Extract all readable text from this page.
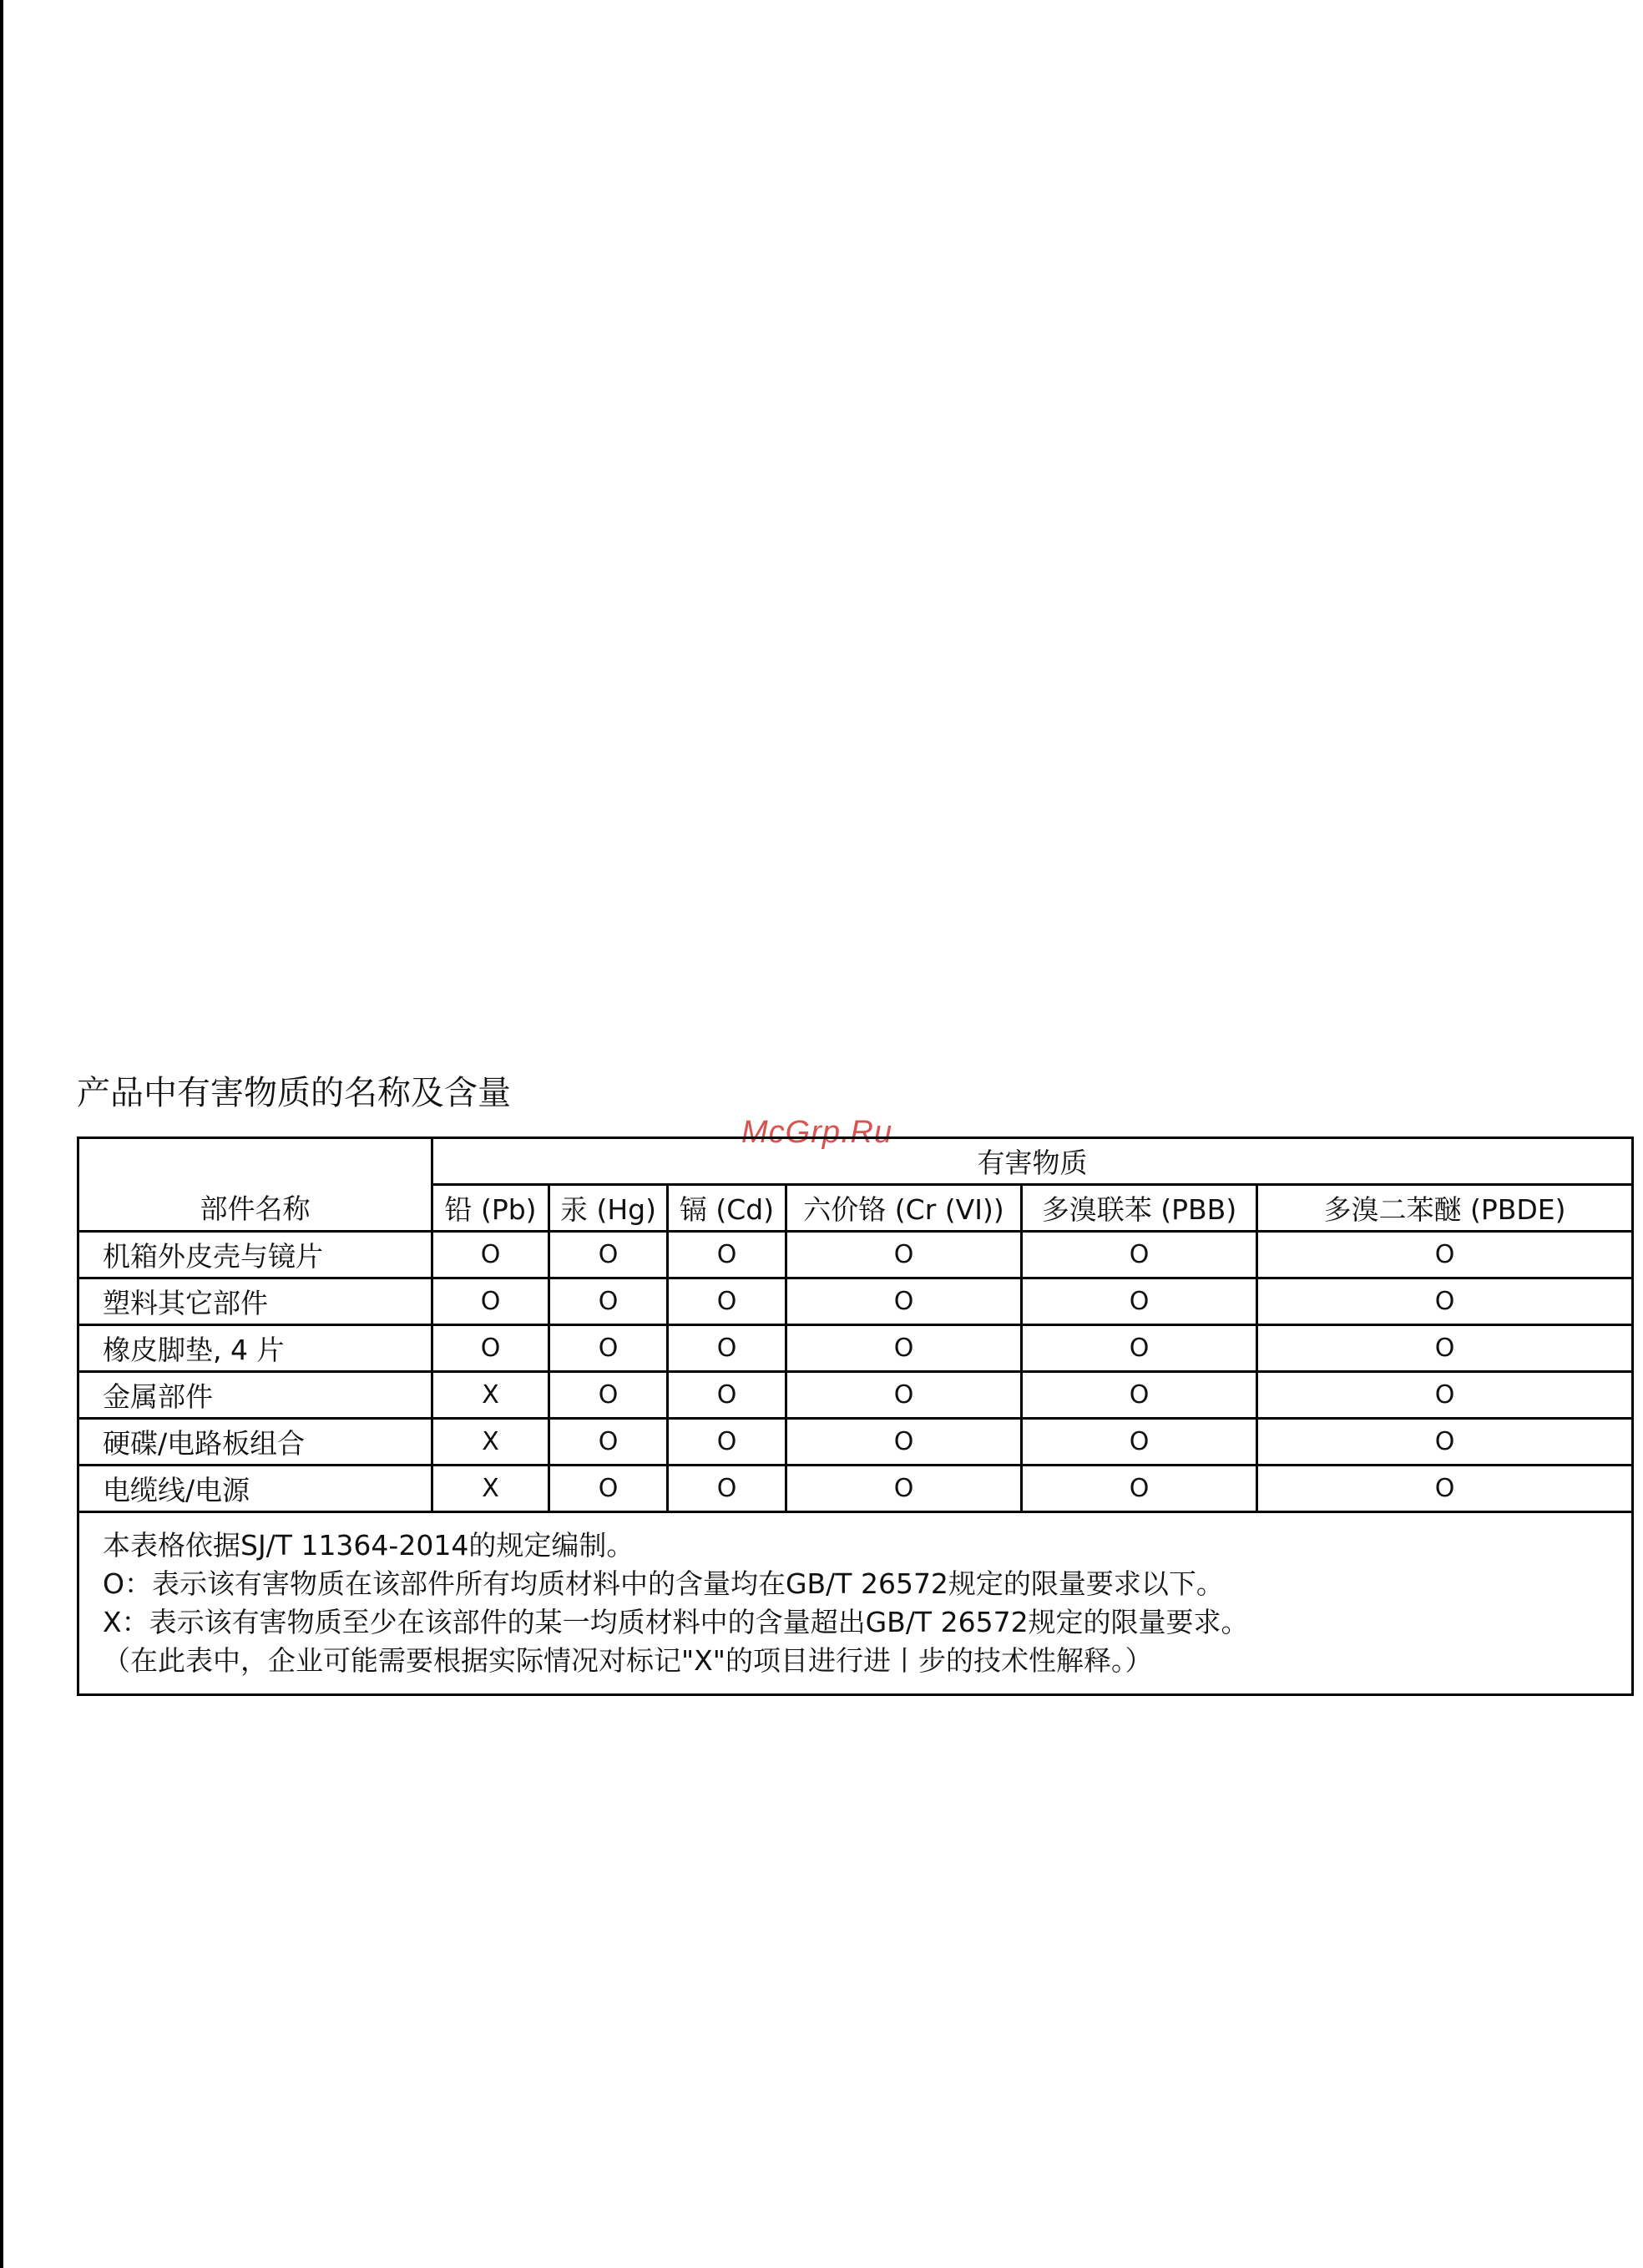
产品中有害物质的名称及含量
McGrp.Ru
	有害物质					
部件名称	铅 (Pb)	汞 (Hg)	镉 (Cd)	六价铬 (Cr (VI))	多溴联苯 (PBB)	多溴二苯醚 (PBDE)
机箱外皮壳与镜片	O	O	O	O	O	O
塑料其它部件	O	O	O	O	O	O
橡皮脚垫, 4 片	O	O	O	O	O	O
金属部件	X	O	O	O	O	O
硬碟/电路板组合	X	O	O	O	O	O
电缆线/电源	X	O	O	O	O	O

本表格依据SJ/T 11364-2014的规定编制。
O：表示该有害物质在该部件所有均质材料中的含量均在GB/T 26572规定的限量要求以下。
X：表示该有害物质至少在该部件的某一均质材料中的含量超出GB/T 26572规定的限量要求。
（在此表中，企业可能需要根据实际情况对标记"X"的项目进行进丨步的技术性解释。）						
